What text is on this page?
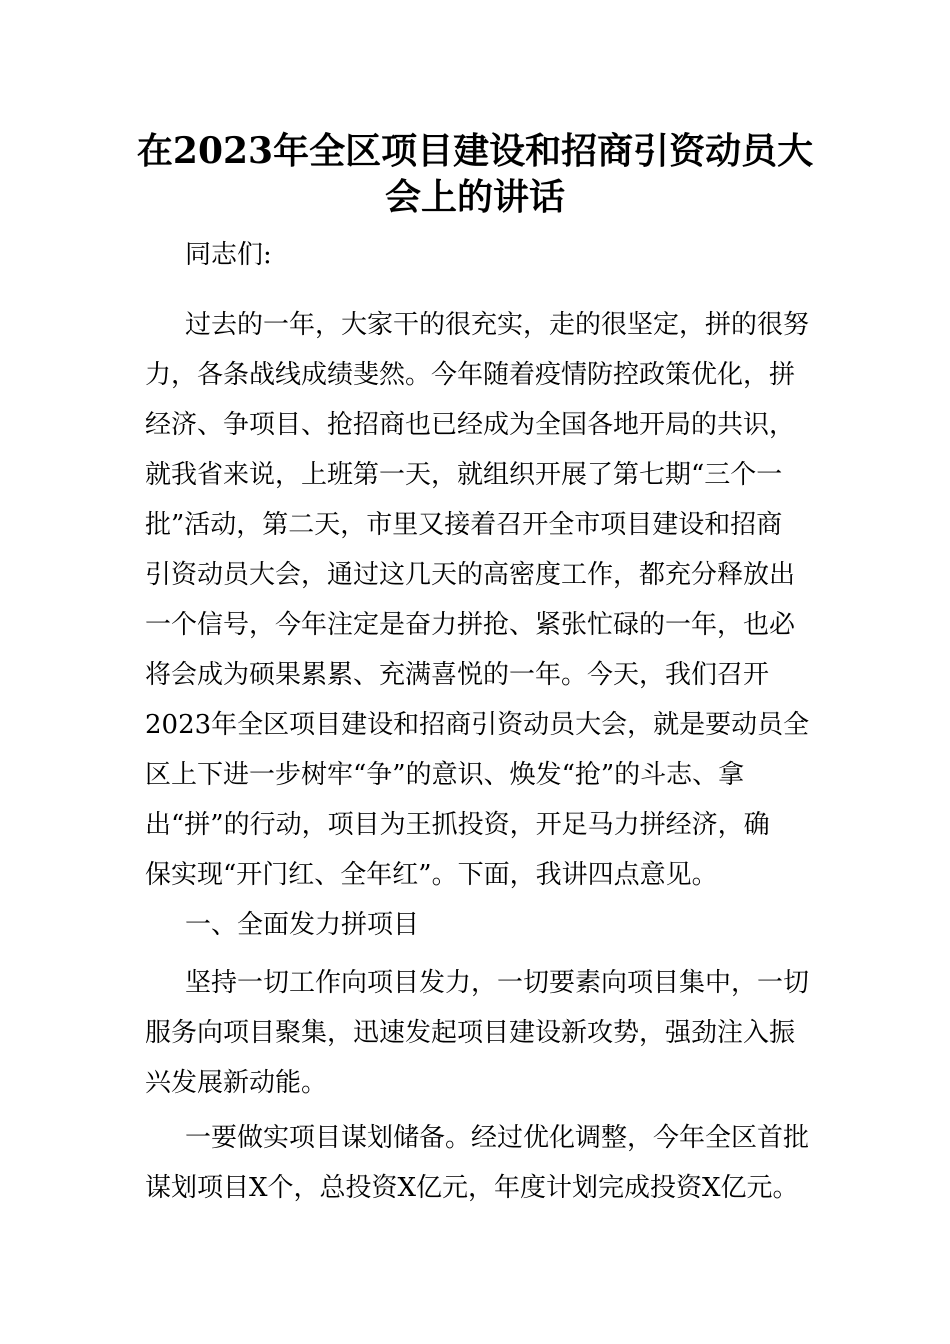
在2023年全区项目建设和招商引资动员大
会上的讲话

同志们:

过去的一年，大家干的很充实，走的很坚定，拼的很努

力，各条战线成绩斐然。今年随着疫情防控政策优化，拼

经济、争项目、抢招商也已经成为全国各地开局的共识，

就我省来说，上班第一天，就组织开展了第七期“三个一

批”活动，第二天，市里又接着召开全市项目建设和招商

引资动员大会，通过这几天的高密度工作，都充分释放出

一个信号，今年注定是奋力拼抢、紧张忙碌的一年，也必

将会成为硕果累累、充满喜悦的一年。今天，我们召开

2023年全区项目建设和招商引资动员大会，就是要动员全

区上下进一步树牢“争”的意识、焕发“抢”的斗志、拿

出“拼”的行动，项目为王抓投资，开足马力拼经济，确

保实现“开门红、全年红”。下面，我讲四点意见。

一、全面发力拼项目

坚持一切工作向项目发力，一切要素向项目集中，一切

服务向项目聚集，迅速发起项目建设新攻势，强劲注入振

兴发展新动能。

一要做实项目谋划储备。经过优化调整，今年全区首批

谋划项目X个，总投资X亿元，年度计划完成投资X亿元。
